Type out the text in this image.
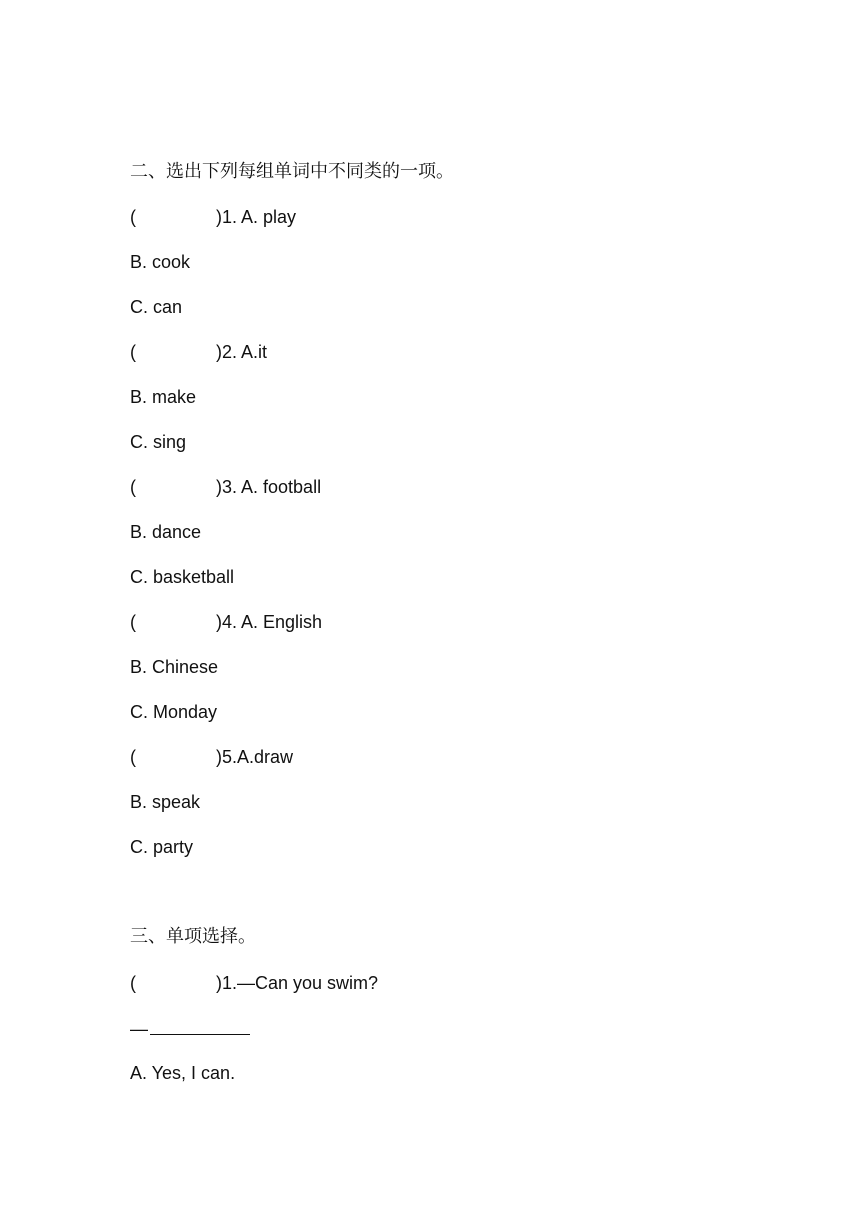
二、选出下列每组单词中不同类的一项。

(

	)1. A. play

B. cook
C. can

(

	)2. A.it

B. make
C. sing

(

	)3. A. football

B. dance
C. basketball

(

	)4. A. English

B. Chinese
C. Monday

(

	)5.A.draw

B. speak
C. party
三、单项选择。

(

	)1.—Can you swim?

—
A. Yes, I can.
